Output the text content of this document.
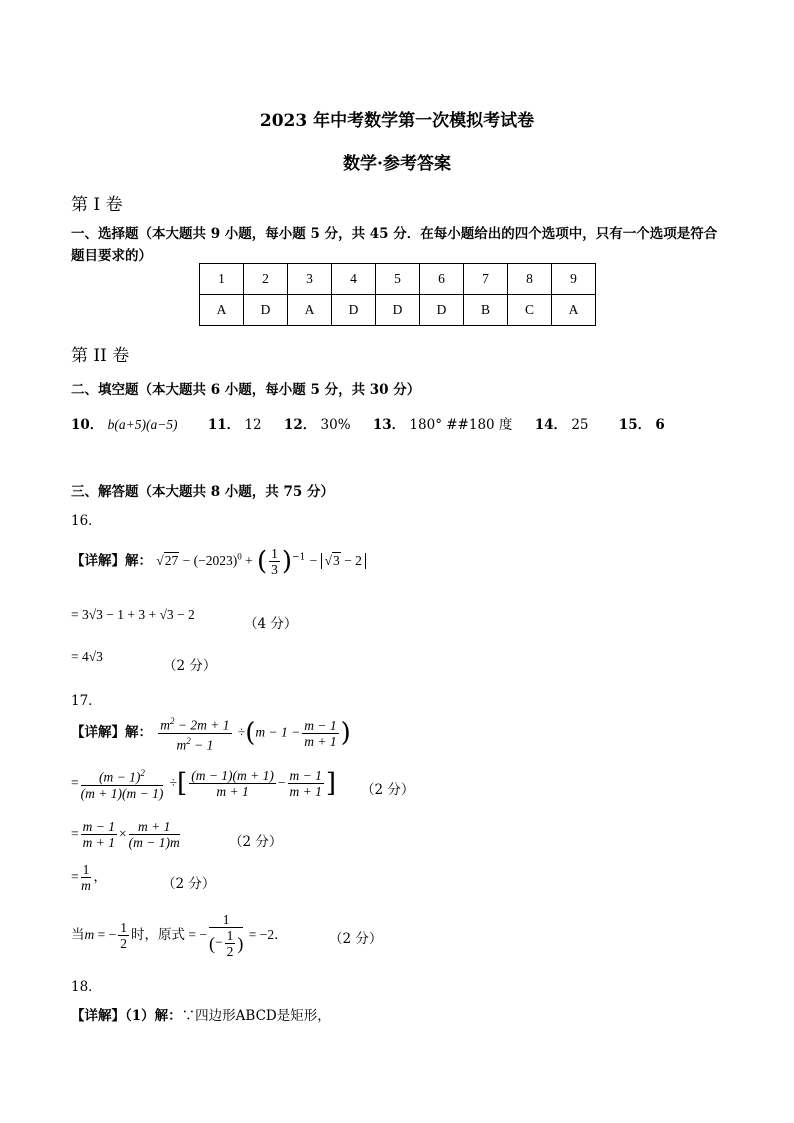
2023 年中考数学第一次模拟考试卷
数学·参考答案
第 I 卷
一、选择题（本大题共 9 小题，每小题 5 分，共 45 分．在每小题给出的四个选项中，只有一个选项是符合
题目要求的）
1	2	3	4	5	6	7	8	9
A	D	A	D	D	D	B	C	A
第 II 卷
二、填空题（本大题共 6 小题，每小题 5 分，共 30 分）
10． b(a+5)(a−5) 11． 12 12． 30% 13． 180° ##180 度 14． 25 15． 6
三、解答题（本大题共 8 小题，共 75 分）
16．
【详解】解： $√27 - (-2023)^0$ + ( $\frac{1}{3} )^{-1} - √3 - 2$
= 3√3 − 1 + 3 + √3 − 2
（4 分）
= 4√3
（2 分）
17．
【详解】解： $\frac{m^2 - 2m + 1}{m^2 - 1} \div(m - 1 - \frac{m - 1}{m + 1}$ )
= $\frac{(m - 1)^2}{(m + 1)(m - 1)}$ ÷[ $\frac{(m - 1)(m + 1)}{m + 1} - \frac{m - 1}{m + 1}$ ] （2 分）
= $\frac{m - 1}{m + 1} \times \frac{m + 1}{(m - 1)m}$	（2 分）
= $\frac{1}{m}$ ，	（2 分）
当m = − $\frac{1}{2}$ 时，原式 = − $\frac{1}{(- \frac{1}{2} )} = -2$．	（2 分）
18．
【详解】（1）解：∵四边形ABCD是矩形，
